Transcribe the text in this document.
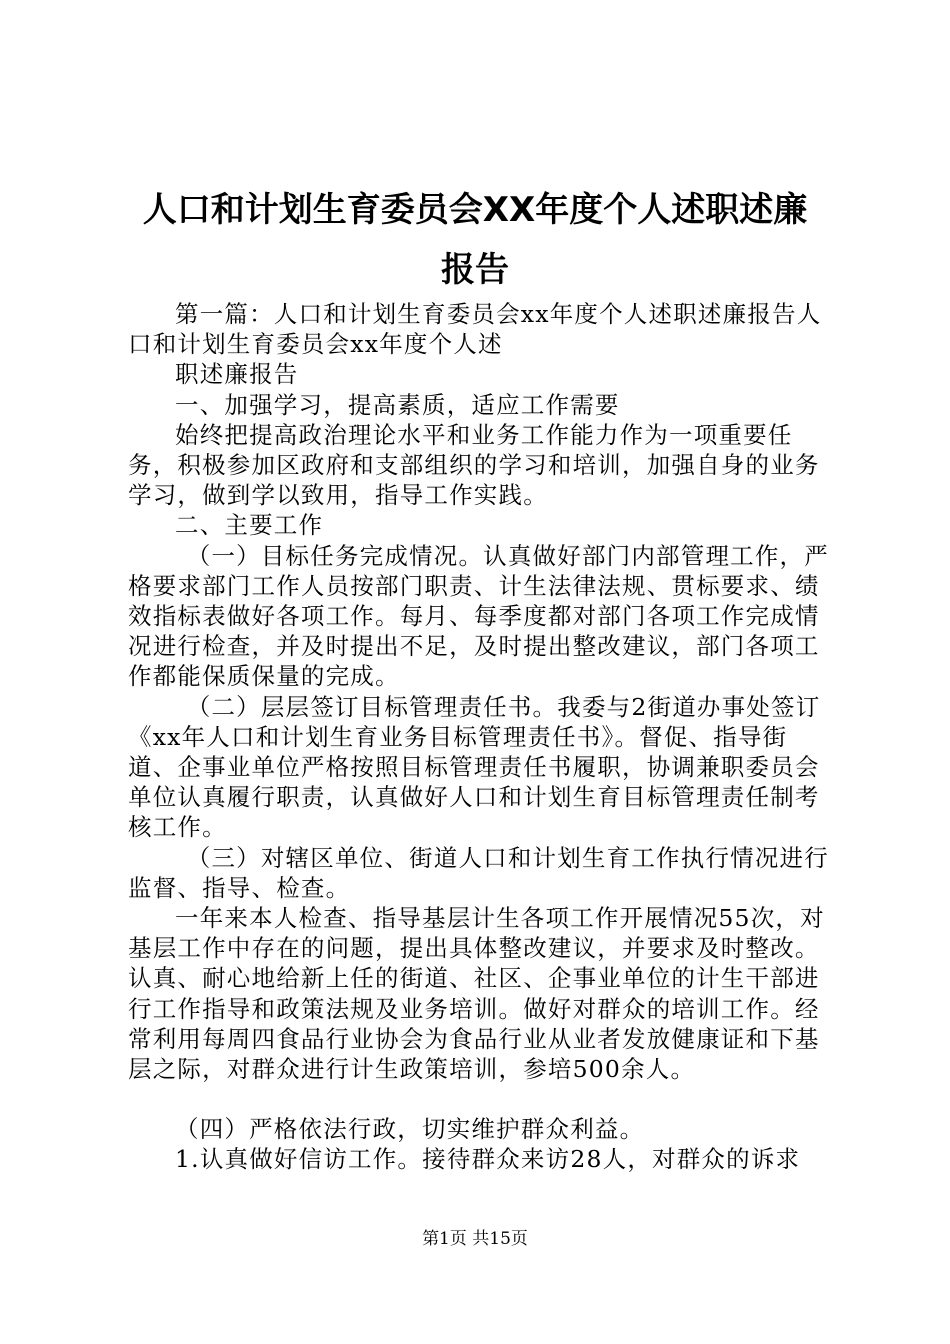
人口和计划生育委员会XX年度个人述职述廉
报告

第一篇：人口和计划生育委员会xx年度个人述职述廉报告人口和计划生育委员会xx年度个人述

职述廉报告

一、加强学习，提高素质，适应工作需要

始终把提高政治理论水平和业务工作能力作为一项重要任务，积极参加区政府和支部组织的学习和培训，加强自身的业务学习，做到学以致用，指导工作实践。

二、主要工作

（一）目标任务完成情况。认真做好部门内部管理工作，严格要求部门工作人员按部门职责、计生法律法规、贯标要求、绩效指标表做好各项工作。每月、每季度都对部门各项工作完成情况进行检查，并及时提出不足，及时提出整改建议，部门各项工作都能保质保量的完成。

（二）层层签订目标管理责任书。我委与2街道办事处签订《xx年人口和计划生育业务目标管理责任书》。督促、指导街道、企事业单位严格按照目标管理责任书履职，协调兼职委员会单位认真履行职责，认真做好人口和计划生育目标管理责任制考核工作。

（三）对辖区单位、街道人口和计划生育工作执行情况进行监督、指导、检查。

一年来本人检查、指导基层计生各项工作开展情况55次，对基层工作中存在的问题，提出具体整改建议，并要求及时整改。认真、耐心地给新上任的街道、社区、企事业单位的计生干部进行工作指导和政策法规及业务培训。做好对群众的培训工作。经常利用每周四食品行业协会为食品行业从业者发放健康证和下基层之际，对群众进行计生政策培训，参培500余人。

（四）严格依法行政，切实维护群众利益。

1.认真做好信访工作。接待群众来访28人，对群众的诉求

第1页 共15页
